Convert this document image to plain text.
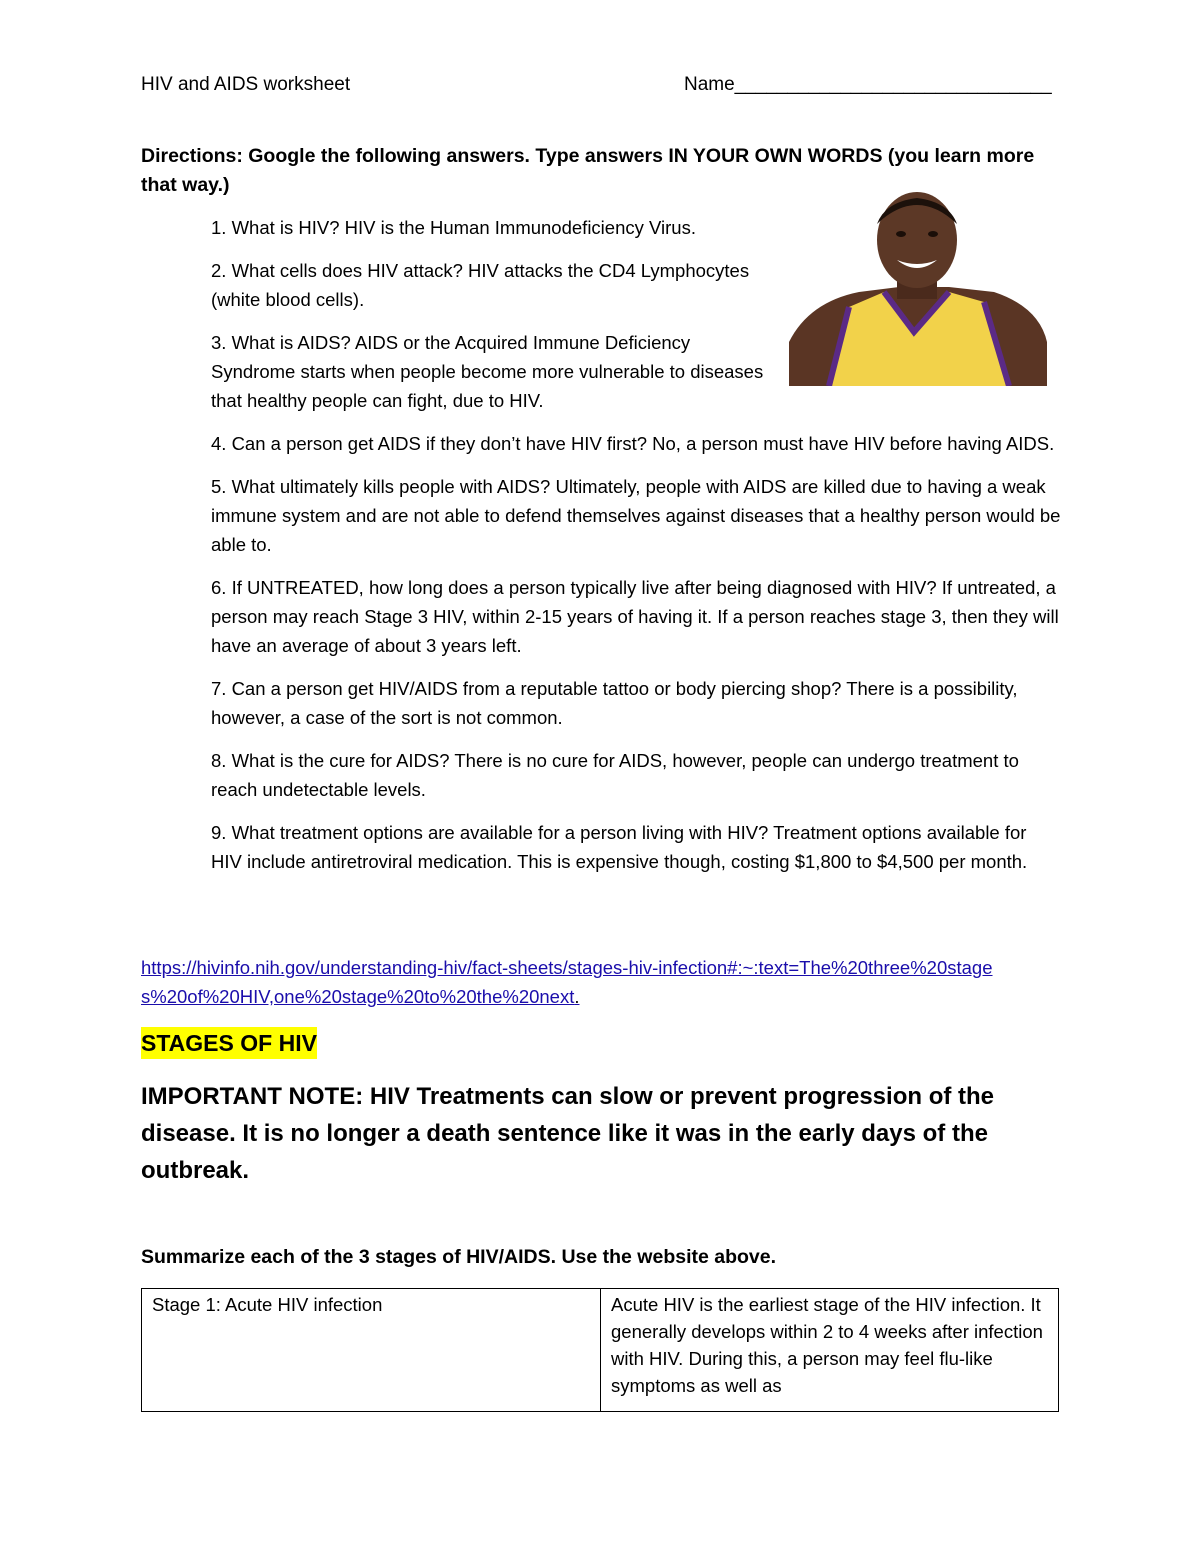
HIV and AIDS worksheet	Name______________________________
Directions: Google the following answers. Type answers IN YOUR OWN WORDS (you learn more that way.)

1. What is HIV? HIV is the Human Immunodeficiency Virus.

2. What cells does HIV attack? HIV attacks the CD4 Lymphocytes (white blood cells).

3. What is AIDS? AIDS or the Acquired Immune Deficiency Syndrome starts when people become more vulnerable to diseases that healthy people can fight, due to HIV.

4. Can a person get AIDS if they don’t have HIV first? No, a person must have HIV before having AIDS.

5. What ultimately kills people with AIDS? Ultimately, people with AIDS are killed due to having a weak immune system and are not able to defend themselves against diseases that a healthy person would be able to.

6. If UNTREATED, how long does a person typically live after being diagnosed with HIV? If untreated, a person may reach Stage 3 HIV, within 2-15 years of having it. If a person reaches stage 3, then they will have an average of about 3 years left.

7. Can a person get HIV/AIDS from a reputable tattoo or body piercing shop? There is a possibility, however, a case of the sort is not common.

8. What is the cure for AIDS? There is no cure for AIDS, however, people can undergo treatment to reach undetectable levels.

9. What treatment options are available for a person living with HIV? Treatment options available for HIV include antiretroviral medication. This is expensive though, costing $1,800 to $4,500 per month.

https://hivinfo.nih.gov/understanding-hiv/fact-sheets/stages-hiv-infection#:~:text=The%20three%20stages%20of%20HIV,one%20stage%20to%20the%20next.
STAGES OF HIV
IMPORTANT NOTE: HIV Treatments can slow or prevent progression of the disease. It is no longer a death sentence like it was in the early days of the outbreak.
Summarize each of the 3 stages of HIV/AIDS. Use the website above.
Stage 1: Acute HIV infection	Acute HIV is the earliest stage of the HIV infection. It generally develops within 2 to 4 weeks after infection with HIV. During this, a person may feel flu-like symptoms as well as
